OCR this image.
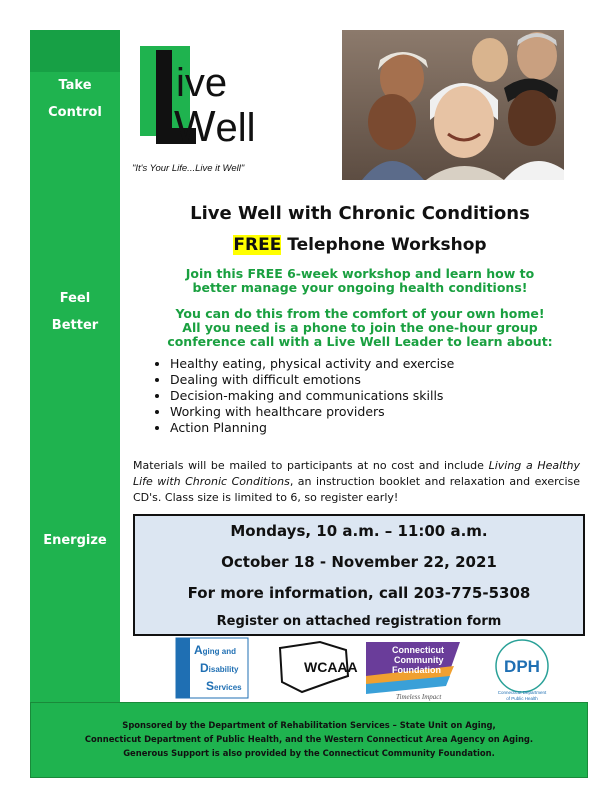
Take
Control
Feel
Better
Energize
ive
Well
"It's Your Life...Live it Well"
Live Well with Chronic Conditions
FREE Telephone Workshop
Join this FREE 6-week workshop and learn how to
better manage your ongoing health conditions!
You can do this from the comfort of your own home!
All you need is a phone to join the one-hour group
conference call with a Live Well Leader to learn about:
• Healthy eating, physical activity and exercise
• Dealing with difficult emotions
• Decision-making and communications skills
• Working with healthcare providers
• Action Planning

Materials will be mailed to participants at no cost and include Living a Healthy Life with Chronic Conditions, an instruction booklet and relaxation and exercise CD's. Class size is limited to 6, so register early!

Mondays, 10 a.m. – 11:00 a.m.
October 18 - November 22, 2021
For more information, call 203-775-5308
Register on attached registration form
Aging and
Disability
Services
WCAAA
Connecticut
Community
Foundation
Timeless Impact
DPH
Connecticut Department
of Public Health
Sponsored by the Department of Rehabilitation Services – State Unit on Aging,
Connecticut Department of Public Health, and the Western Connecticut Area Agency on Aging.
Generous Support is also provided by the Connecticut Community Foundation.
